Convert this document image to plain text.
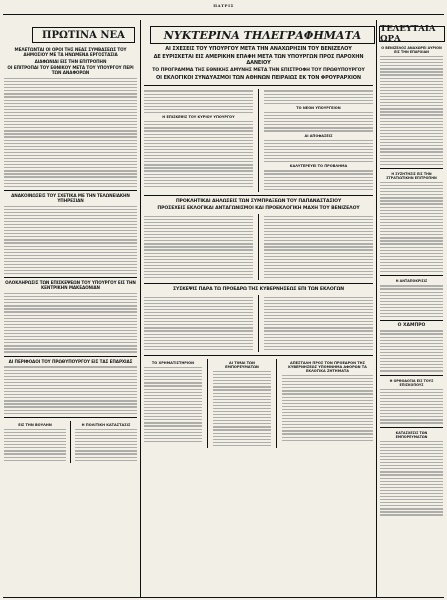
ΠΑΤΡΙΣ
ΠΡΩΤΙΝΑ ΝΕΑ	ΝΥΚΤΕΡΙΝΑ ΤΗΛΕΓΡΑΦΗΜΑΤΑ ΤΕΛΕΥΤΑΙΑ ΩΡΑ
ΜΕΛΕΤΩΝΤΑΙ ΟΙ ΟΡΟΙ ΤΗΣ ΝΕΑΣ ΣΥΜΒΑΣΕΩΣ ΤΟΥ ΔΗΜΟΣΙΟΥ ΜΕ ΤΑ ΗΝΩΜΕΝΑ ΕΡΓΟΣΤΑΣΙΑ
ΔΙΑΦΩΝΙΑΙ ΕΙΣ ΤΗΝ ΕΠΙΤΡΟΠΗΝ
ΟΙ ΕΠΙΤΡΟΠΑΙ ΤΟΥ ΕΘΝΙΚΟΥ ΜΕΤΑ ΤΟΥ ΥΠΟΥΡΓΟΥ ΠΕΡΙ ΤΩΝ ΑΝΑΦΟΡΩΝ
ΑΝΑΚΟΙΝΩΣΕΙΣ ΤΟΥ ΣΧΕΤΙΚΑ ΜΕ ΤΗΝ ΤΕΛΩΝΕΙΑΚΗΝ ΥΠΗΡΕΣΙΑΝ
ΟΛΟΚΛΗΡΩΣΙΣ ΤΩΝ ΕΠΙΣΚΕΨΕΩΝ ΤΟΥ ΥΠΟΥΡΓΟΥ ΕΙΣ ΤΗΝ ΚΕΝΤΡΙΚΗΝ ΜΑΚΕΔΟΝΙΑΝ
ΑΙ ΠΕΡΙΦΟΔΟΙ ΤΟΥ ΠΡΩΘΥΠΟΥΡΓΟΥ ΕΙΣ ΤΑΣ ΕΠΑΡΧΙΑΣ
ΕΙΣ ΤΗΝ ΒΟΥΛΗΝ	Η ΠΟΛΙΤΙΚΗ ΚΑΤΑΣΤΑΣΙΣ
ΑΙ ΣΧΕΣΕΙΣ ΤΟΥ ΥΠΟΥΡΓΟΥ ΜΕΤΑ ΤΗΝ ΑΝΑΧΩΡΗΣΙΝ ΤΟΥ ΒΕΝΙΖΕΛΟΥ
ΔΕ ΕΥΡΙΣΚΕΤΑΙ ΕΙΣ ΑΜΕΡΙΚΗΝ ΕΠΑΦΗ ΜΕΤΑ ΤΩΝ ΥΠΟΥΡΓΩΝ ΠΡΟΣ ΠΑΡΟΧΗΝ ΔΑΝΕΙΟΥ
ΤΟ ΠΡΟΓΡΑΜΜΑ ΤΗΣ ΕΘΝΙΚΗΣ ΑΜΥΝΗΣ ΜΕΤΑ ΤΗΝ ΕΠΙΣΤΡΟΦΗ ΤΟΥ ΠΡΩΘΥΠΟΥΡΓΟΥ
ΟΙ ΕΚΛΟΓΙΚΟΙ ΣΥΝΔΥΑΣΜΟΙ ΤΩΝ ΑΘΗΝΩΝ ΠΕΙΡΑΙΩΣ ΕΚ ΤΟΝ ΦΡΟΥΡΑΡΧΙΟΝ
Η ΕΠΙΣΚΕΨΙΣ ΤΟΥ ΚΥΡΙΟΥ ΥΠΟΥΡΓΟΥ
ΤΟ ΝΕΟΝ ΥΠΟΥΡΓΕΙΟΝ
ΑΙ ΑΠΟΦΑΣΕΙΣ
ΚΑΛΥΤΕΡΕΥΕΙ ΤΟ ΠΡΟΒΛΗΜΑ
ΠΡΟΚΛΗΤΙΚΑΙ ΔΗΛΩΣΕΙΣ ΤΩΝ ΣΥΜΠΡΑΞΕΩΝ ΤΟΥ ΠΑΠΑΝΑΣΤΑΣΙΟΥ
ΠΡΟΣΕΧΕΙΣ ΕΚΛΟΓΙΚΑΙ ΑΝΤΑΓΩΝΙΣΜΟΙ ΚΑΙ ΠΡΟΕΚΛΟΓΙΚΗ ΜΑΧΗ ΤΟΥ ΒΕΝΙΖΕΛΟΥ
ΣΥΣΚΕΨΙΣ ΠΑΡΑ ΤΩ ΠΡΟΕΔΡΩ ΤΗΣ ΚΥΒΕΡΝΗΣΕΩΣ ΕΠΙ ΤΩΝ ΕΚΛΟΓΩΝ
ΤΟ ΧΡΗΜΑΤΙΣΤΗΡΙΟΝ	ΑΙ ΤΙΜΑΙ ΤΩΝ ΕΜΠΟΡΕΥΜΑΤΩΝ
ΑΠΕΣΤΑΛΗ ΠΡΟΣ ΤΟΝ ΠΡΟΕΔΡΟΝ ΤΗΣ ΚΥΒΕΡΝΗΣΕΩΣ ΥΠΟΜΝΗΜΑ ΑΦΟΡΩΝ ΤΑ ΕΚΛΟΓΙΚΑ ΖΗΤΗΜΑΤΑ
Ο ΒΕΝΙΖΕΛΟΣ ΑΝΑΧΩΡΕΙ ΑΥΡΙΟΝ ΕΙΣ ΤΗΝ ΕΠΑΡΧΙΑΝ
Η ΣΥΖΗΤΗΣΙΣ ΕΙΣ ΤΗΝ ΣΤΡΑΤΙΩΤΙΚΗΝ ΕΠΙΤΡΟΠΗΝ
Η ΑΝΤΑΠΟΚΡΙΣΙΣ
Ο ΧΑΜΠΡΟ
Η ΟΡΘΟΔΟΞΙΑ ΕΙΣ ΤΟΥΣ ΕΠΙΣΚΟΠΟΥΣ
ΚΑΤΑΣΧΕΣΙΣ ΤΩΝ ΕΜΠΟΡΕΥΜΑΤΩΝ
